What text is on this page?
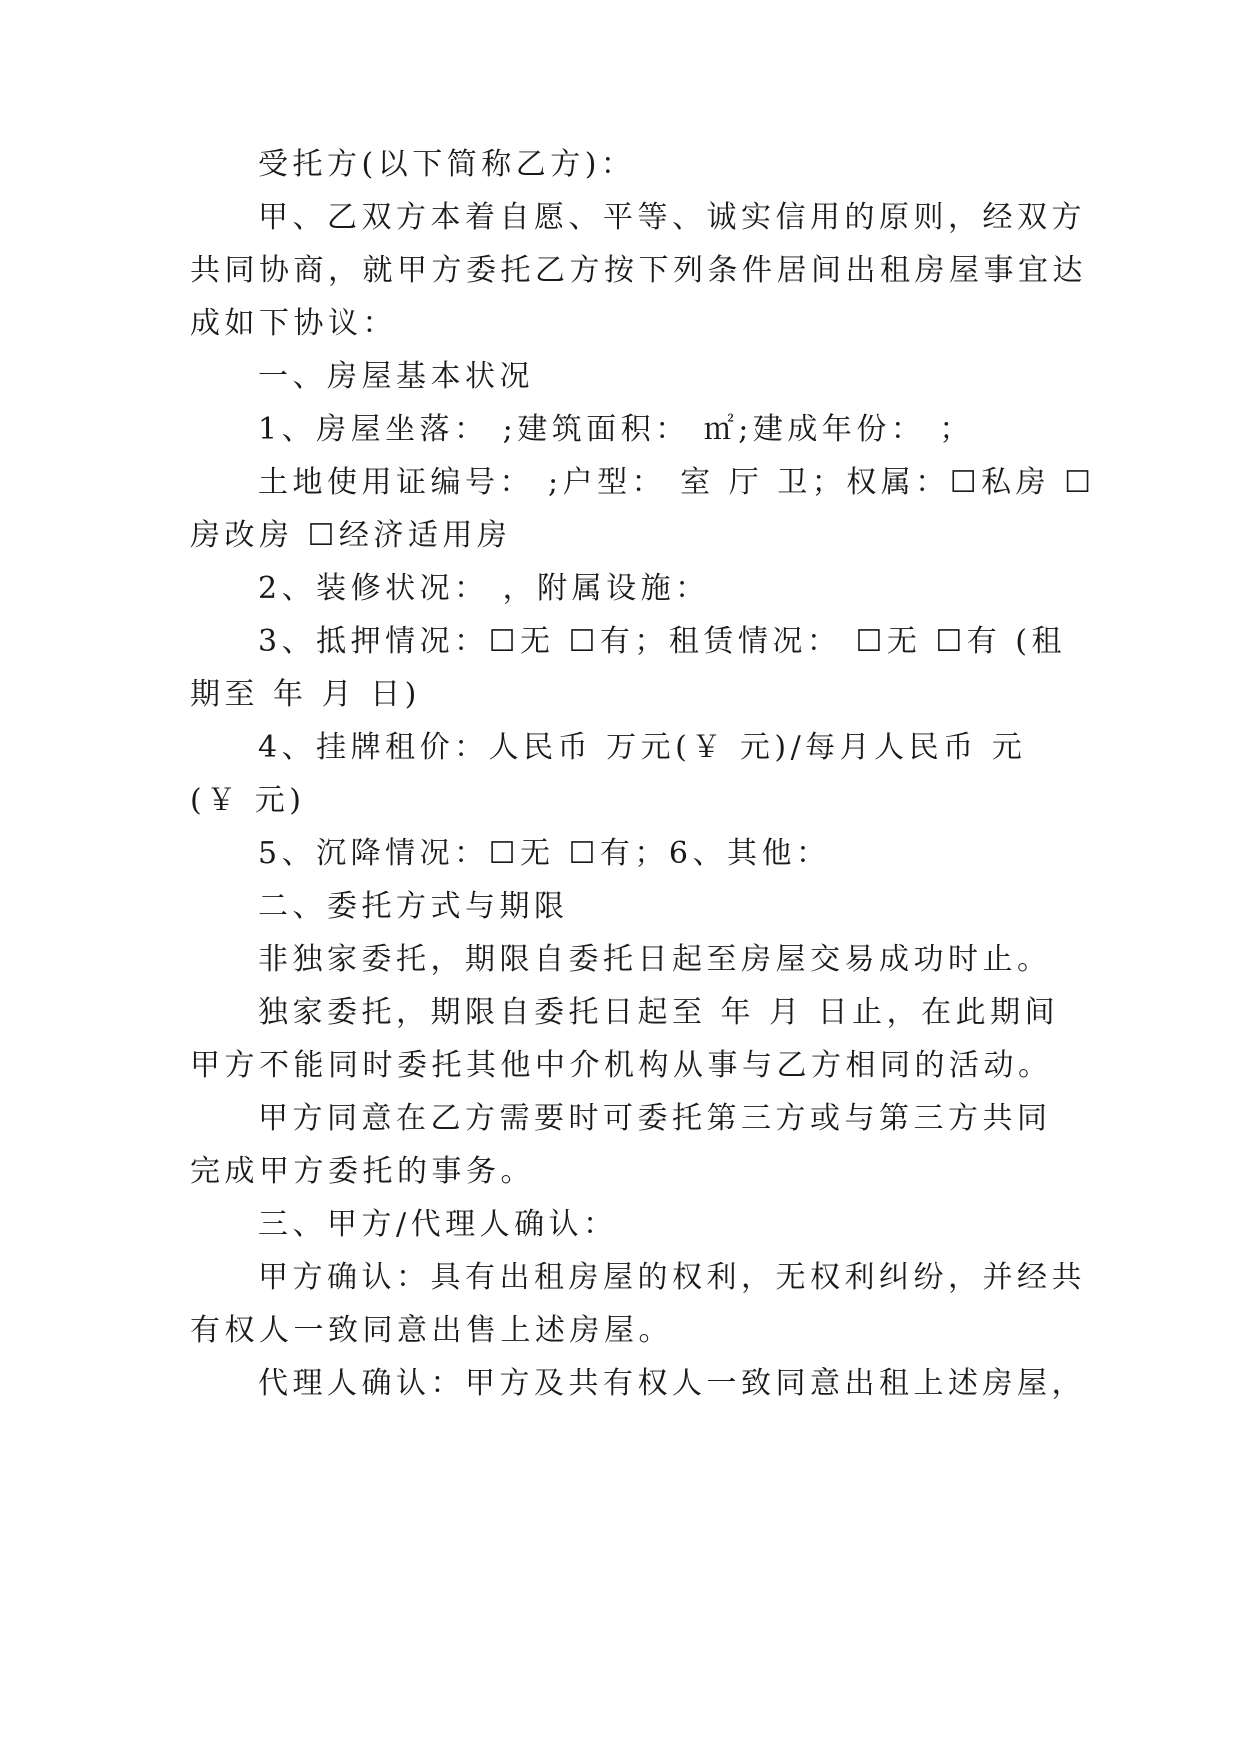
受托方(以下简称乙方)：
甲、乙双方本着自愿、平等、诚实信用的原则，经双方
共同协商，就甲方委托乙方按下列条件居间出租房屋事宜达
成如下协议：
一、房屋基本状况
1、房屋坐落： ;建筑面积： ㎡;建成年份： ；
土地使用证编号： ;户型： 室 厅 卫；权属：☐私房 ☐
房改房 ☐经济适用房
2、装修状况： ，附属设施：
3、抵押情况：☐无 ☐有；租赁情况： ☐无 ☐有 (租
期至 年 月 日)
4、挂牌租价：人民币 万元(￥ 元)/每月人民币 元
(￥ 元)
5、沉降情况：☐无 ☐有；6、其他：
二、委托方式与期限
非独家委托，期限自委托日起至房屋交易成功时止。
独家委托，期限自委托日起至 年 月 日止，在此期间
甲方不能同时委托其他中介机构从事与乙方相同的活动。
甲方同意在乙方需要时可委托第三方或与第三方共同
完成甲方委托的事务。
三、甲方/代理人确认：
甲方确认：具有出租房屋的权利，无权利纠纷，并经共
有权人一致同意出售上述房屋。
代理人确认：甲方及共有权人一致同意出租上述房屋，
